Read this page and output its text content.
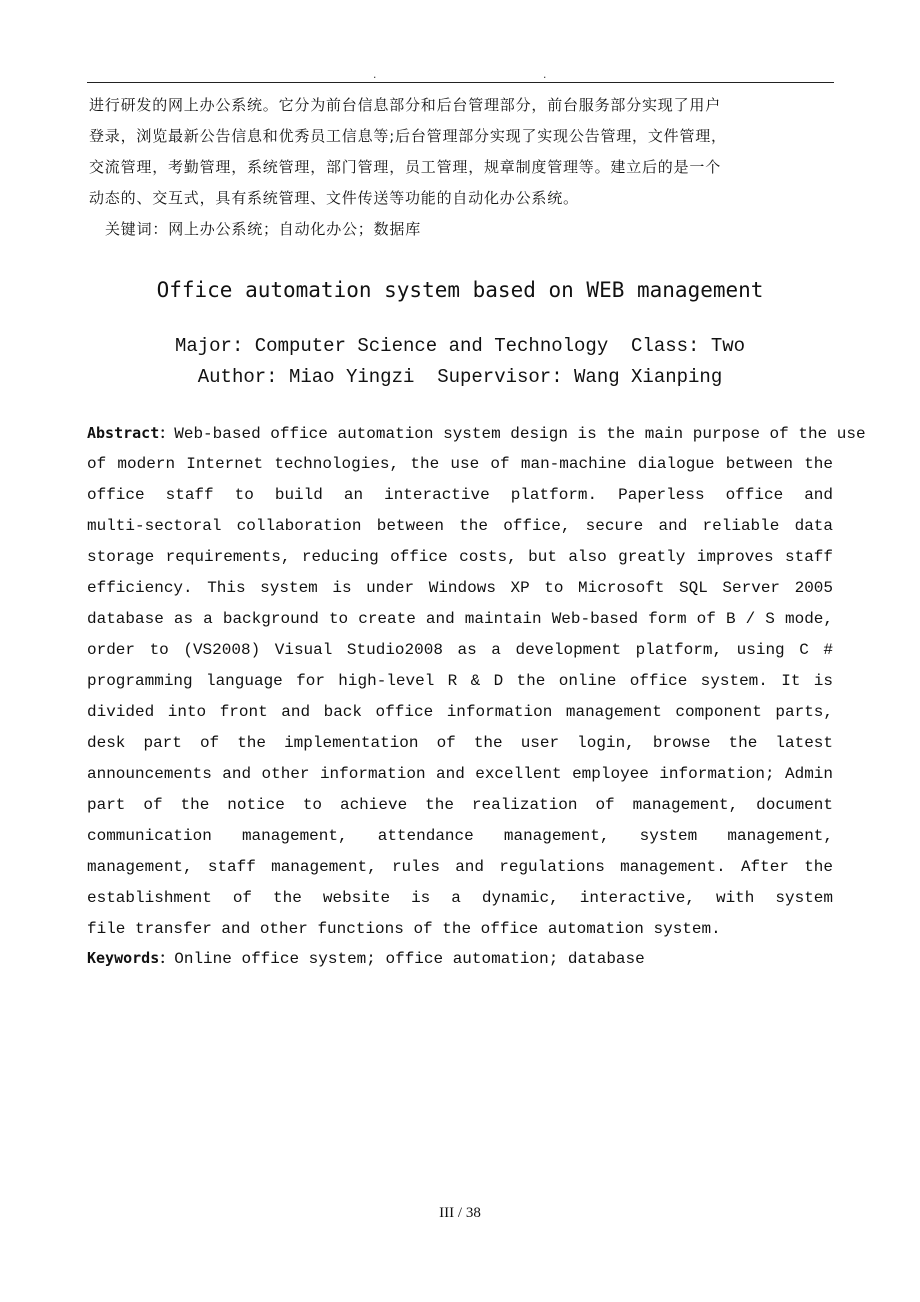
.	.
进行研发的网上办公系统。它分为前台信息部分和后台管理部分，前台服务部分实现了用户
登录，浏览最新公告信息和优秀员工信息等;后台管理部分实现了实现公告管理，文件管理，
交流管理，考勤管理，系统管理，部门管理，员工管理，规章制度管理等。建立后的是一个
动态的、交互式，具有系统管理、文件传送等功能的自动化办公系统。
关键词：网上办公系统；自动化办公；数据库
Office automation system based on WEB management
Major: Computer Science and Technology  Class: Two
Author: Miao Yingzi  Supervisor: Wang Xianping
Abstract：Web-based office automation system design is the main purpose of the use
of modern Internet technologies, the use of man-machine dialogue between the
office staff to build an interactive platform. Paperless office and
multi-sectoral collaboration between the office, secure and reliable data
storage requirements, reducing office costs, but also greatly improves staff
efficiency. This system is under Windows XP to Microsoft SQL Server 2005
database as a background to create and maintain Web-based form of B / S mode,
order to (VS2008) Visual Studio2008 as a development platform, using C #
programming language for high-level R & D the online office system. It is
divided into front and back office information management component parts,
desk part of the implementation of the user login, browse the latest
announcements and other information and excellent employee information; Admin
part of the notice to achieve the realization of management, document
communication management, attendance management, system management,
management, staff management, rules and regulations management. After the
establishment of the website is a dynamic, interactive, with system
file transfer and other functions of the office automation system.
Keywords：Online office system; office automation; database
III / 38
